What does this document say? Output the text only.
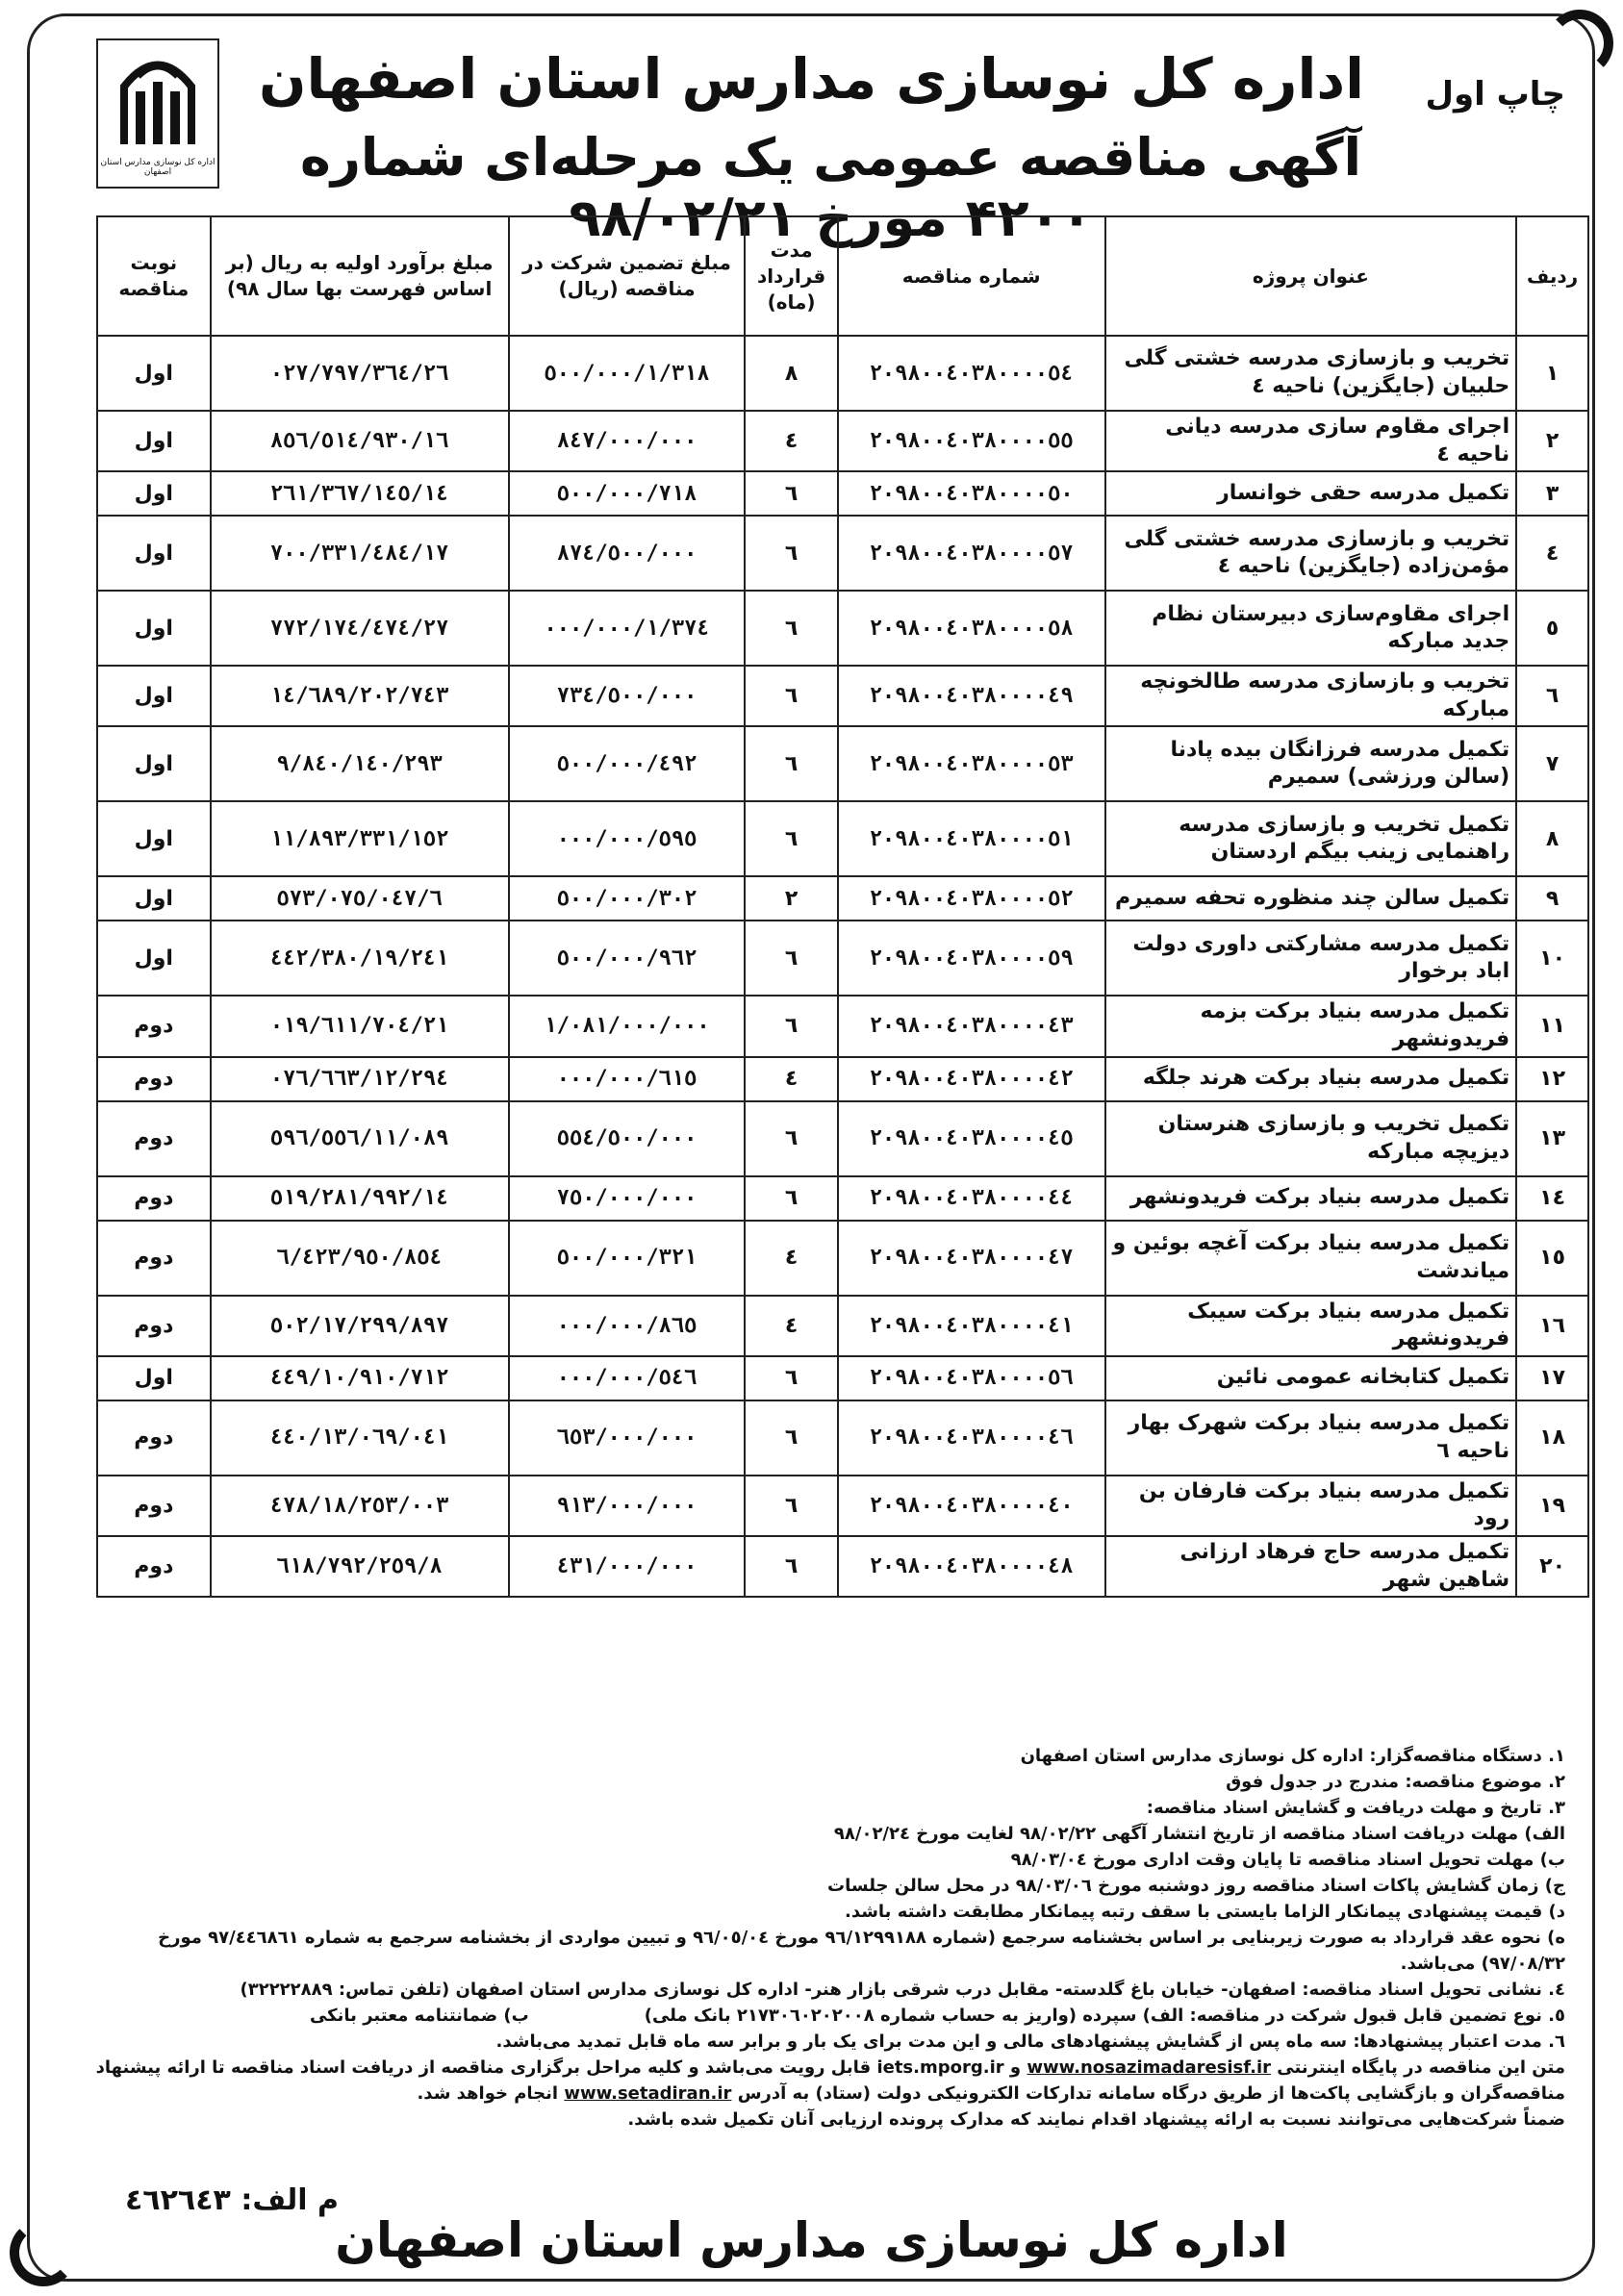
اداره کل نوسازی مدارس استان اصفهان
چاپ اول
اداره کل نوسازی مدارس استان اصفهان
آگهی مناقصه عمومی یک مرحله‌ای شماره ۴۲۰۰ مورخ ۹۸/۰۲/۲۱
ردیف	عنوان پروژه	شماره مناقصه	مدت قرارداد (ماه)	مبلغ تضمین شرکت در مناقصه (ریال)	مبلغ برآورد اولیه به ریال (بر اساس فهرست بها سال ۹۸)	نوبت مناقصه
۱	تخریب و بازسازی مدرسه خشتی گلی حلبیان (جایگزین) ناحیه ٤	۲۰۹۸۰۰٤۰۳۸۰۰۰۰٥٤	۸	۱/۳۱۸/٥۰۰/۰۰۰	۲٦/۳٦٤/۰۲۷/۷۹۷	اول
۲	اجرای مقاوم سازی مدرسه دیانی ناحیه ٤	۲۰۹۸۰۰٤۰۳۸۰۰۰۰٥٥	٤	۸٤۷/۰۰۰/۰۰۰	۱٦/۹۳۰/٥۱٤/۸٥٦	اول
۳	تکمیل مدرسه حقی خوانسار	۲۰۹۸۰۰٤۰۳۸۰۰۰۰٥۰	٦	۷۱۸/٥۰۰/۰۰۰	۱٤/۳٦۷/۱٤٥/۲٦۱	اول
٤	تخریب و بازسازی مدرسه خشتی گلی مؤمن‌زاده (جایگزین) ناحیه ٤	۲۰۹۸۰۰٤۰۳۸۰۰۰۰٥۷	٦	۸۷٤/٥۰۰/۰۰۰	۱۷/٤۸٤/۷۰۰/۳۳۱	اول
٥	اجرای مقاوم‌سازی دبیرستان نظام جدید مبارکه	۲۰۹۸۰۰٤۰۳۸۰۰۰۰٥۸	٦	۱/۳۷٤/۰۰۰/۰۰۰	۲۷/٤۷٤/۷۷۲/۱۷٤	اول
٦	تخریب و بازسازی مدرسه طالخونچه مبارکه	۲۰۹۸۰۰٤۰۳۸۰۰۰۰٤۹	٦	۷۳٤/٥۰۰/۰۰۰	۱٤/٦۸۹/۲۰۲/۷٤۳	اول
۷	تکمیل مدرسه فرزانگان بیده پادنا (سالن ورزشی) سمیرم	۲۰۹۸۰۰٤۰۳۸۰۰۰۰٥۳	٦	٤۹۲/٥۰۰/۰۰۰	۹/۸٤۰/۱٤۰/۲۹۳	اول
۸	تکمیل تخریب و بازسازی مدرسه راهنمایی زینب بیگم اردستان	۲۰۹۸۰۰٤۰۳۸۰۰۰۰٥۱	٦	٥۹٥/۰۰۰/۰۰۰	۱۱/۸۹۳/۳۳۱/۱٥۲	اول
۹	تکمیل سالن چند منظوره تحفه سمیرم	۲۰۹۸۰۰٤۰۳۸۰۰۰۰٥۲	۲	۳۰۲/٥۰۰/۰۰۰	٦/۰٤۷/٥۷۳/۰۷٥	اول
۱۰	تکمیل مدرسه مشارکتی داوری دولت اباد برخوار	۲۰۹۸۰۰٤۰۳۸۰۰۰۰٥۹	٦	۹٦۲/٥۰۰/۰۰۰	۱۹/۲٤۱/٤٤۲/۳۸۰	اول
۱۱	تکمیل مدرسه بنیاد برکت بزمه فریدونشهر	۲۰۹۸۰۰٤۰۳۸۰۰۰۰٤۳	٦	۱/۰۸۱/۰۰۰/۰۰۰	۲۱/٦۱۱/۷۰٤/۰۱۹	دوم
۱۲	تکمیل مدرسه بنیاد برکت هرند جلگه	۲۰۹۸۰۰٤۰۳۸۰۰۰۰٤۲	٤	٦۱٥/۰۰۰/۰۰۰	۱۲/۲۹٤/۰۷٦/٦٦۳	دوم
۱۳	تکمیل تخریب و بازسازی هنرستان دیزیچه مبارکه	۲۰۹۸۰۰٤۰۳۸۰۰۰۰٤٥	٦	٥٥٤/٥۰۰/۰۰۰	۱۱/۰۸۹/٥۹٦/٥٥٦	دوم
۱٤	تکمیل مدرسه بنیاد برکت فریدونشهر	۲۰۹۸۰۰٤۰۳۸۰۰۰۰٤٤	٦	۷٥۰/۰۰۰/۰۰۰	۱٤/۹۹۲/٥۱۹/۲۸۱	دوم
۱٥	تکمیل مدرسه بنیاد برکت آغچه بوئین و میاندشت	۲۰۹۸۰۰٤۰۳۸۰۰۰۰٤۷	٤	۳۲۱/٥۰۰/۰۰۰	٦/٤۲۳/۹٥۰/۸٥٤	دوم
۱٦	تکمیل مدرسه بنیاد برکت سیبک فریدونشهر	۲۰۹۸۰۰٤۰۳۸۰۰۰۰٤۱	٤	۸٦٥/۰۰۰/۰۰۰	۱۷/۲۹۹/۸۹۷/٥۰۲	دوم
۱۷	تکمیل کتابخانه عمومی نائین	۲۰۹۸۰۰٤۰۳۸۰۰۰۰٥٦	٦	٥٤٦/۰۰۰/۰۰۰	۱۰/۹۱۰/۷۱۲/٤٤۹	اول
۱۸	تکمیل مدرسه بنیاد برکت شهرک بهار ناحیه ٦	۲۰۹۸۰۰٤۰۳۸۰۰۰۰٤٦	٦	٦٥۳/۰۰۰/۰۰۰	۱۳/۰٦۹/۰٤۱/٤٤۰	دوم
۱۹	تکمیل مدرسه بنیاد برکت فارفان بن رود	۲۰۹۸۰۰٤۰۳۸۰۰۰۰٤۰	٦	۹۱۳/۰۰۰/۰۰۰	۱۸/۲٥۳/۰۰۳/٤۷۸	دوم
۲۰	تکمیل مدرسه حاج فرهاد ارزانی شاهین شهر	۲۰۹۸۰۰٤۰۳۸۰۰۰۰٤۸	٦	٤۳۱/۰۰۰/۰۰۰	۸/٦۱۸/۷۹۲/۲٥۹	دوم
۱. دستگاه مناقصه‌گزار: اداره کل نوسازی مدارس استان اصفهان
۲. موضوع مناقصه: مندرج در جدول فوق
۳. تاریخ و مهلت دریافت و گشایش اسناد مناقصه:
الف) مهلت دریافت اسناد مناقصه از تاریخ انتشار آگهی ۹۸/۰۲/۲۲ لغایت مورخ ۹۸/۰۲/۲٤
ب) مهلت تحویل اسناد مناقصه تا پایان وقت اداری مورخ ۹۸/۰۳/۰٤
ج) زمان گشایش پاکات اسناد مناقصه روز دوشنبه مورخ ۹۸/۰۳/۰٦ در محل سالن جلسات
د) قیمت پیشنهادی پیمانکار الزاما بایستی با سقف رتبه پیمانکار مطابقت داشته باشد.
ه) نحوه عقد قرارداد به صورت زیربنایی بر اساس بخشنامه سرجمع (شماره ۹٦/۱۲۹۹۱۸۸ مورخ ۹٦/۰٥/۰٤ و تبیین مواردی از بخشنامه سرجمع به شماره ۹۷/٤٤٦۸٦۱ مورخ
۹۷/۰۸/۳۲) می‌باشد.
٤. نشانی تحویل اسناد مناقصه: اصفهان- خیابان باغ گلدسته- مقابل درب شرقی بازار هنر- اداره کل نوسازی مدارس استان اصفهان (تلفن تماس: ۳۲۲۲۲۸۸۹)
٥. نوع تضمین قابل قبول شرکت در مناقصه: الف) سپرده (واریز به حساب شماره ۲۱۷۳۰٦۰۲۰۲۰۰۸ بانک ملی)
ب) ضمانتنامه معتبر بانکی
٦. مدت اعتبار پیشنهادها: سه ماه پس از گشایش پیشنهادهای مالی و این مدت برای یک بار و برابر سه ماه قابل تمدید می‌باشد.
متن این مناقصه در پایگاه اینترنتی www.nosazimadaresisf.ir و iets.mporg.ir قابل رویت می‌باشد و کلیه مراحل برگزاری مناقصه از دریافت اسناد مناقصه تا ارائه پیشنهاد
مناقصه‌گران و بازگشایی پاکت‌ها از طریق درگاه سامانه تدارکات الکترونیکی دولت (ستاد) به آدرس www.setadiran.ir انجام خواهد شد.
ضمناً شرکت‌هایی می‌توانند نسبت به ارائه پیشنهاد اقدام نمایند که مدارک پرونده ارزیابی آنان تکمیل شده باشد.
م الف: ٤٦۲٦٤۳
اداره کل نوسازی مدارس استان اصفهان
